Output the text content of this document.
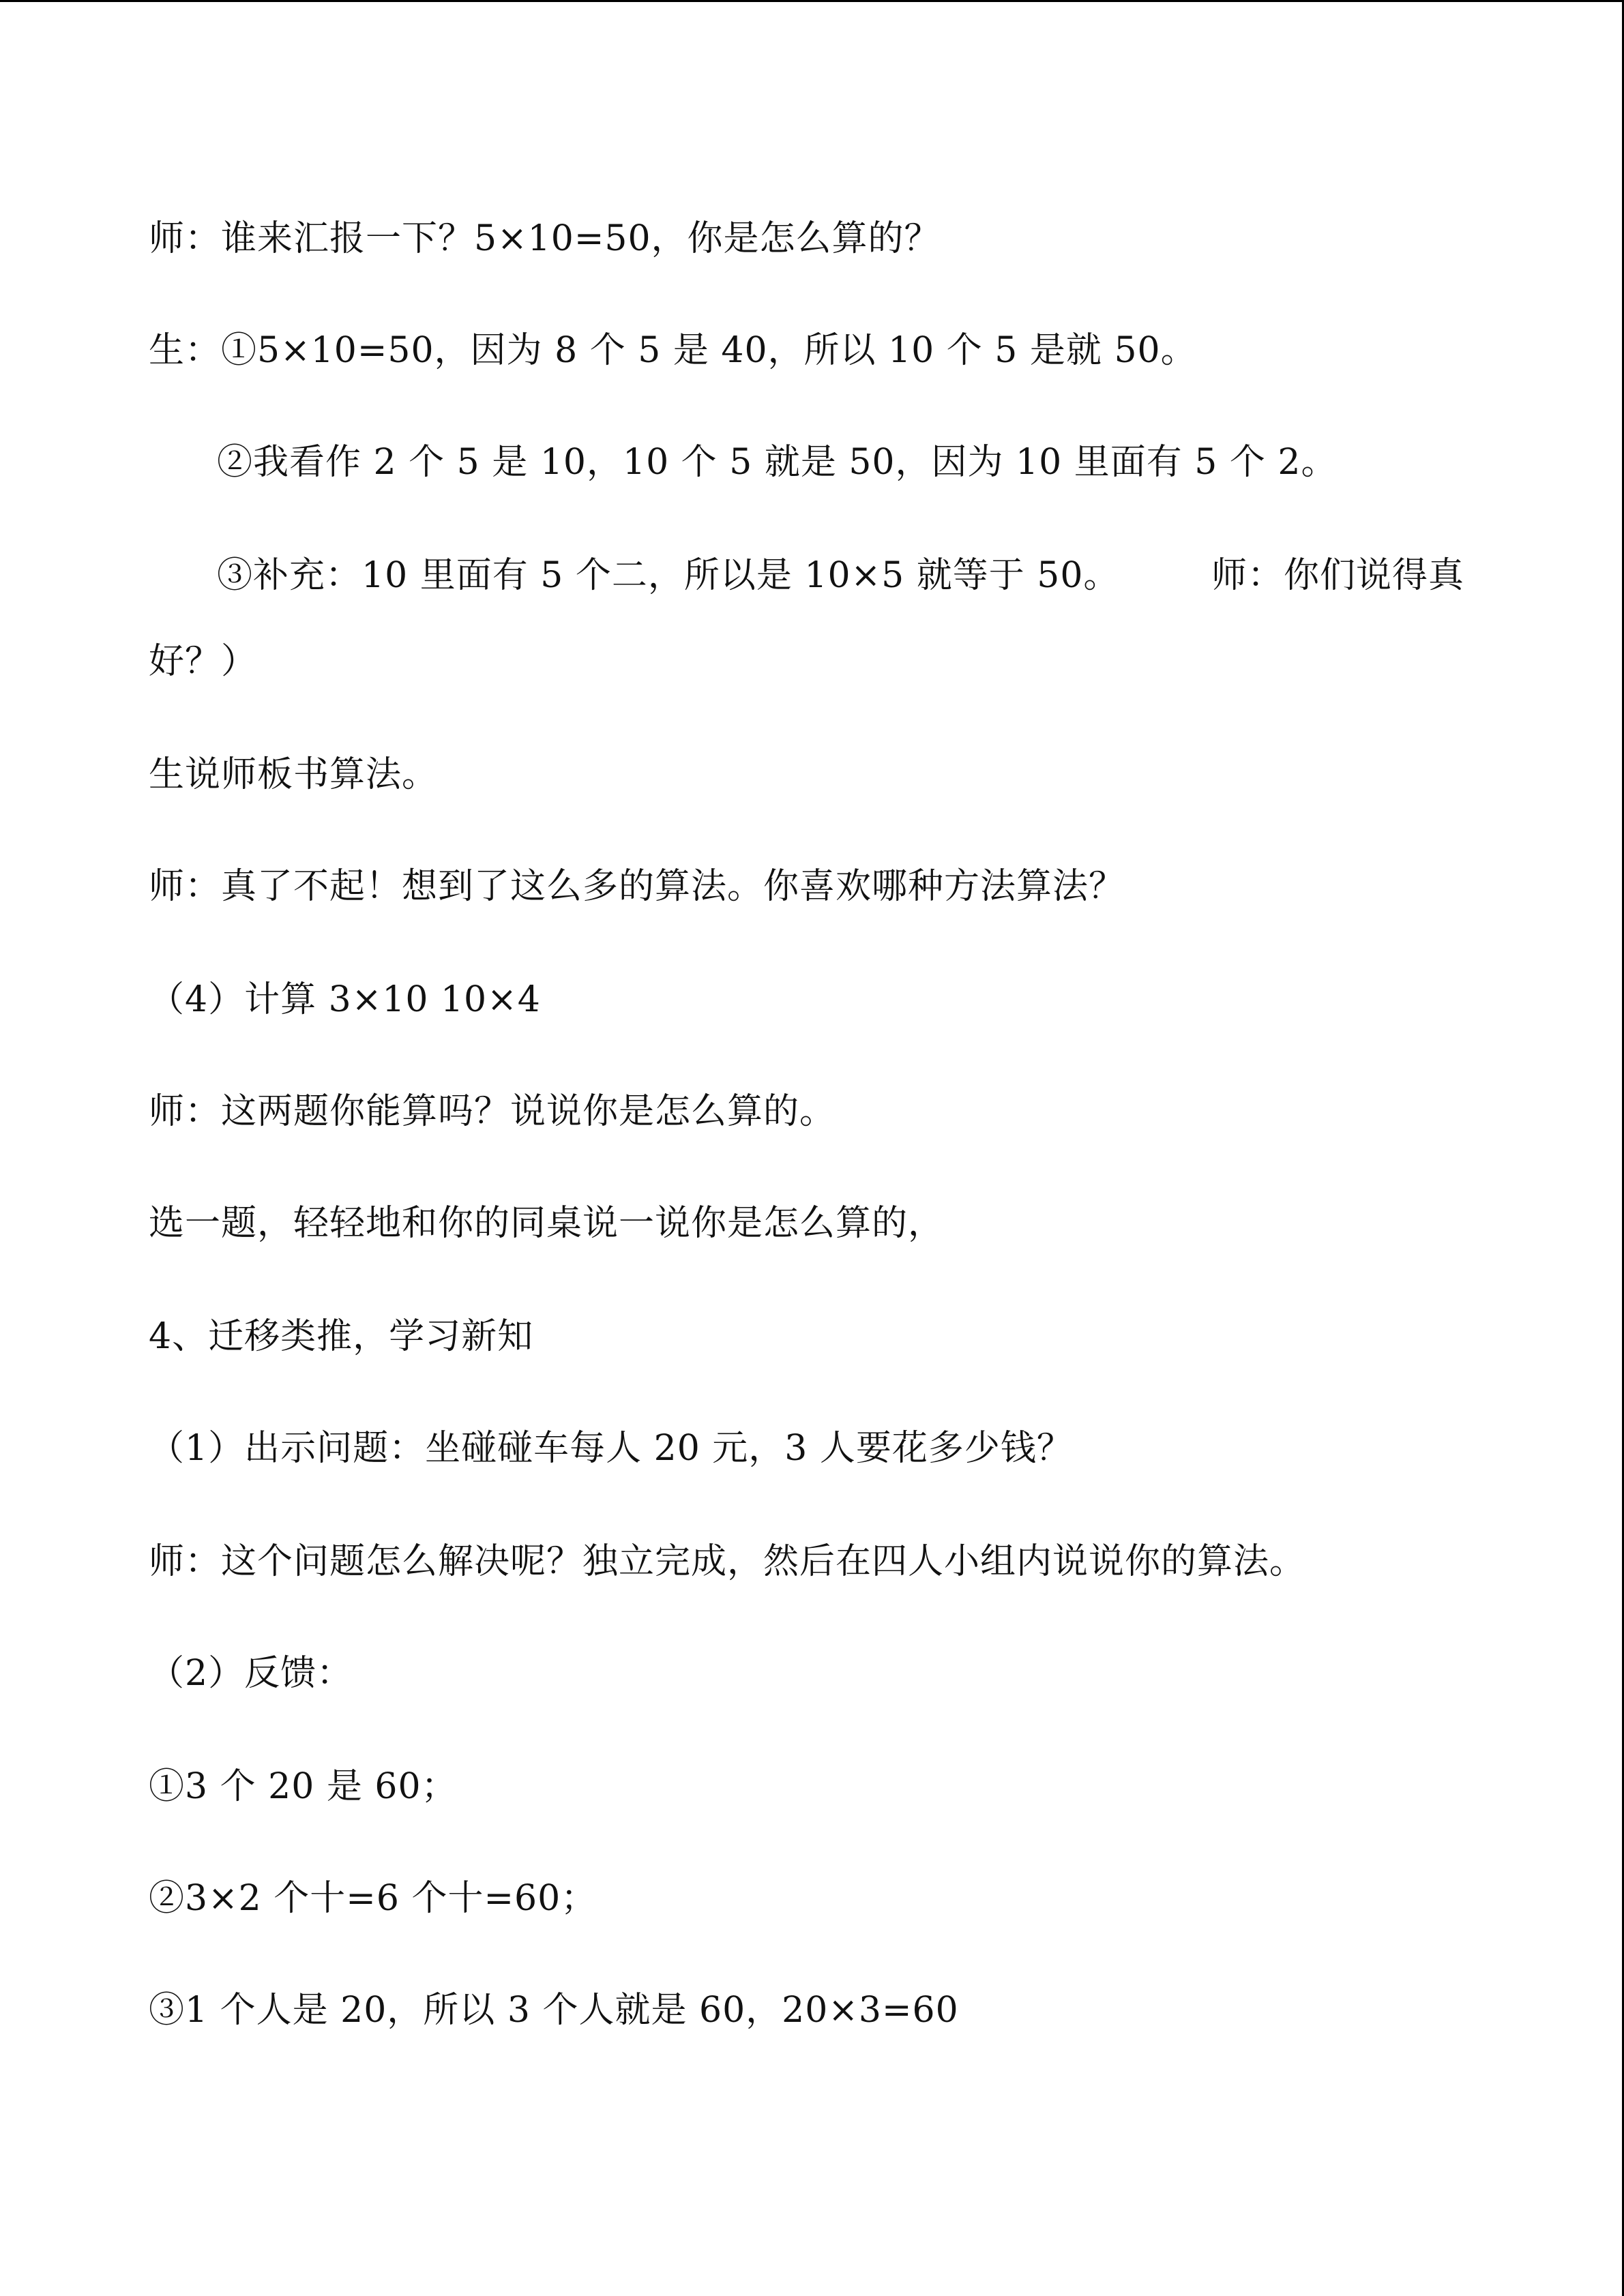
师：谁来汇报一下？5×10=50，你是怎么算的？
生：①5×10=50，因为 8 个 5 是 40，所以 10 个 5 是就 50。
②我看作 2 个 5 是 10，10 个 5 就是 50，因为 10 里面有 5 个 2。
③补充：10 里面有 5 个二，所以是 10×5 就等于 50。	师：你们说得真
好？）
生说师板书算法。
师：真了不起！想到了这么多的算法。你喜欢哪种方法算法？
（4）计算 3×10 10×4
师：这两题你能算吗？说说你是怎么算的。
选一题，轻轻地和你的同桌说一说你是怎么算的，
4、迁移类推，学习新知
（1）出示问题：坐碰碰车每人 20 元，3 人要花多少钱？
师：这个问题怎么解决呢？独立完成，然后在四人小组内说说你的算法。
（2）反馈：
①3 个 20 是 60；
②3×2 个十=6 个十=60；
③1 个人是 20，所以 3 个人就是 60，20×3=60
